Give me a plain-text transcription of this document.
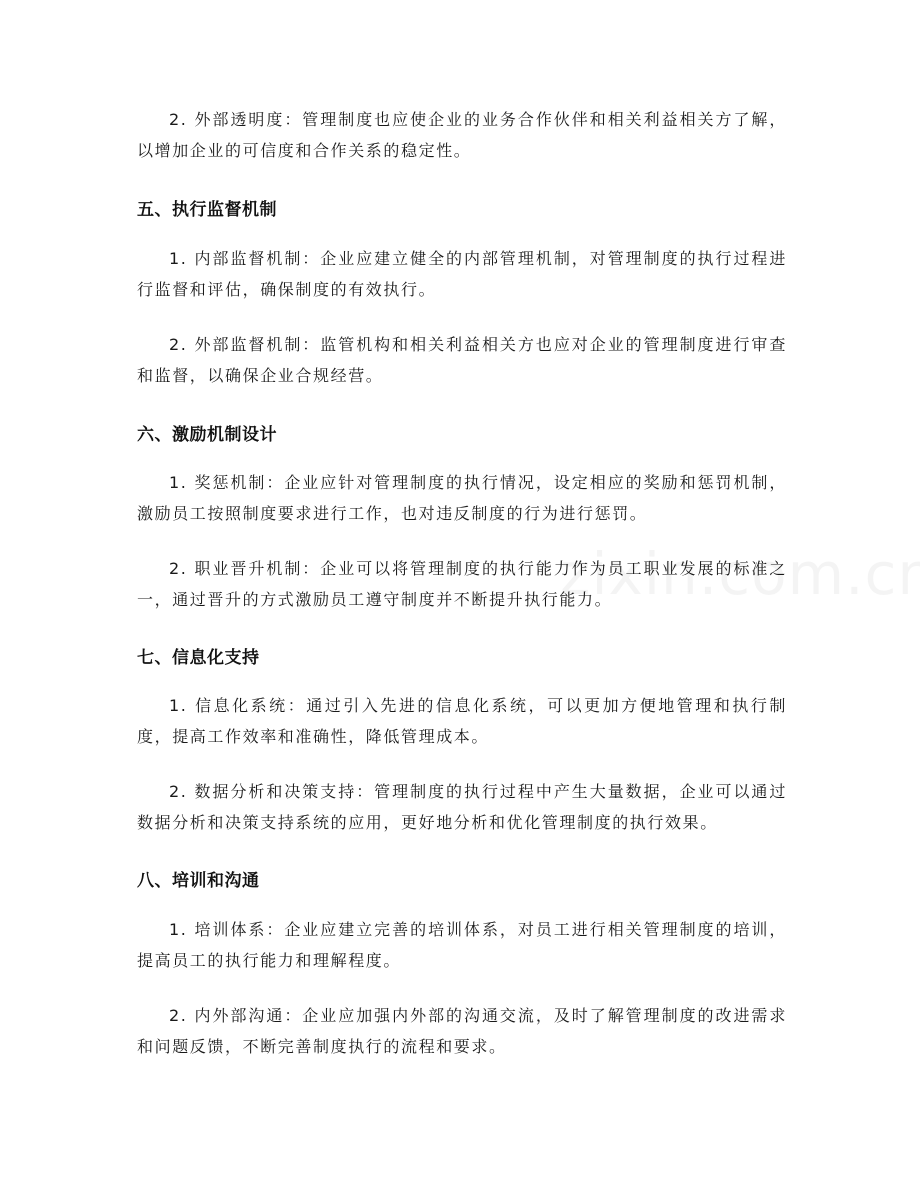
2. 外部透明度：管理制度也应使企业的业务合作伙伴和相关利益相关方了解，以增加企业的可信度和合作关系的稳定性。

五、执行监督机制

1. 内部监督机制：企业应建立健全的内部管理机制，对管理制度的执行过程进行监督和评估，确保制度的有效执行。

2. 外部监督机制：监管机构和相关利益相关方也应对企业的管理制度进行审查和监督，以确保企业合规经营。

六、激励机制设计

1. 奖惩机制：企业应针对管理制度的执行情况，设定相应的奖励和惩罚机制，激励员工按照制度要求进行工作，也对违反制度的行为进行惩罚。

2. 职业晋升机制：企业可以将管理制度的执行能力作为员工职业发展的标准之一，通过晋升的方式激励员工遵守制度并不断提升执行能力。

七、信息化支持

1. 信息化系统：通过引入先进的信息化系统，可以更加方便地管理和执行制度，提高工作效率和准确性，降低管理成本。

2. 数据分析和决策支持：管理制度的执行过程中产生大量数据，企业可以通过数据分析和决策支持系统的应用，更好地分析和优化管理制度的执行效果。

八、培训和沟通

1. 培训体系：企业应建立完善的培训体系，对员工进行相关管理制度的培训，提高员工的执行能力和理解程度。

2. 内外部沟通：企业应加强内外部的沟通交流，及时了解管理制度的改进需求和问题反馈，不断完善制度执行的流程和要求。
